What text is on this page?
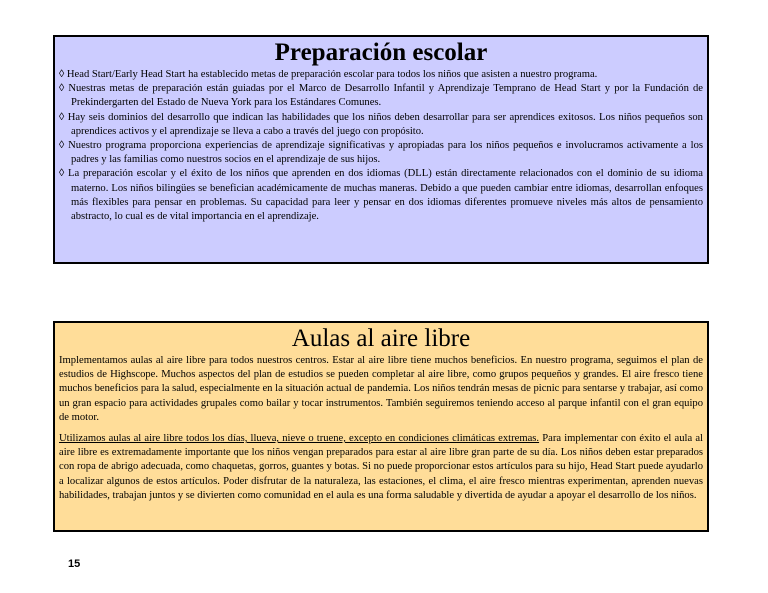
Preparación escolar

◊ Head Start/Early Head Start ha establecido metas de preparación escolar para todos los niños que asisten a nuestro programa.

◊ Nuestras metas de preparación están guiadas por el Marco de Desarrollo Infantil y Aprendizaje Temprano de Head Start y por la Fundación de Prekindergarten del Estado de Nueva York para los Estándares Comunes.

◊ Hay seis dominios del desarrollo que indican las habilidades que los niños deben desarrollar para ser aprendices exitosos. Los niños pequeños son aprendices activos y el aprendizaje se lleva a cabo a través del juego con propósito.

◊ Nuestro programa proporciona experiencias de aprendizaje significativas y apropiadas para los niños pequeños e involucramos activamente a los padres y las familias como nuestros socios en el aprendizaje de sus hijos.

◊ La preparación escolar y el éxito de los niños que aprenden en dos idiomas (DLL) están directamente relacionados con el dominio de su idioma materno. Los niños bilingües se benefician académicamente de muchas maneras. Debido a que pueden cambiar entre idiomas, desarrollan enfoques más flexibles para pensar en problemas. Su capacidad para leer y pensar en dos idiomas diferentes promueve niveles más altos de pensamiento abstracto, lo cual es de vital importancia en el aprendizaje.

Aulas al aire libre

Implementamos aulas al aire libre para todos nuestros centros. Estar al aire libre tiene muchos beneficios. En nuestro programa, seguimos el plan de estudios de Highscope. Muchos aspectos del plan de estudios se pueden completar al aire libre, como grupos pequeños y grandes. El aire fresco tiene muchos beneficios para la salud, especialmente en la situación actual de pandemia. Los niños tendrán mesas de picnic para sentarse y trabajar, así como un gran espacio para actividades grupales como bailar y tocar instrumentos. También seguiremos teniendo acceso al parque infantil con el gran equipo de motor.

Utilizamos aulas al aire libre todos los días, llueva, nieve o truene, excepto en condiciones climáticas extremas. Para implementar con éxito el aula al aire libre es extremadamente importante que los niños vengan preparados para estar al aire libre gran parte de su día. Los niños deben estar preparados con ropa de abrigo adecuada, como chaquetas, gorros, guantes y botas. Si no puede proporcionar estos artículos para su hijo, Head Start puede ayudarlo a localizar algunos de estos artículos. Poder disfrutar de la naturaleza, las estaciones, el clima, el aire fresco mientras experimentan, aprenden nuevas habilidades, trabajan juntos y se divierten como comunidad en el aula es una forma saludable y divertida de ayudar a apoyar el desarrollo de los niños.

15
